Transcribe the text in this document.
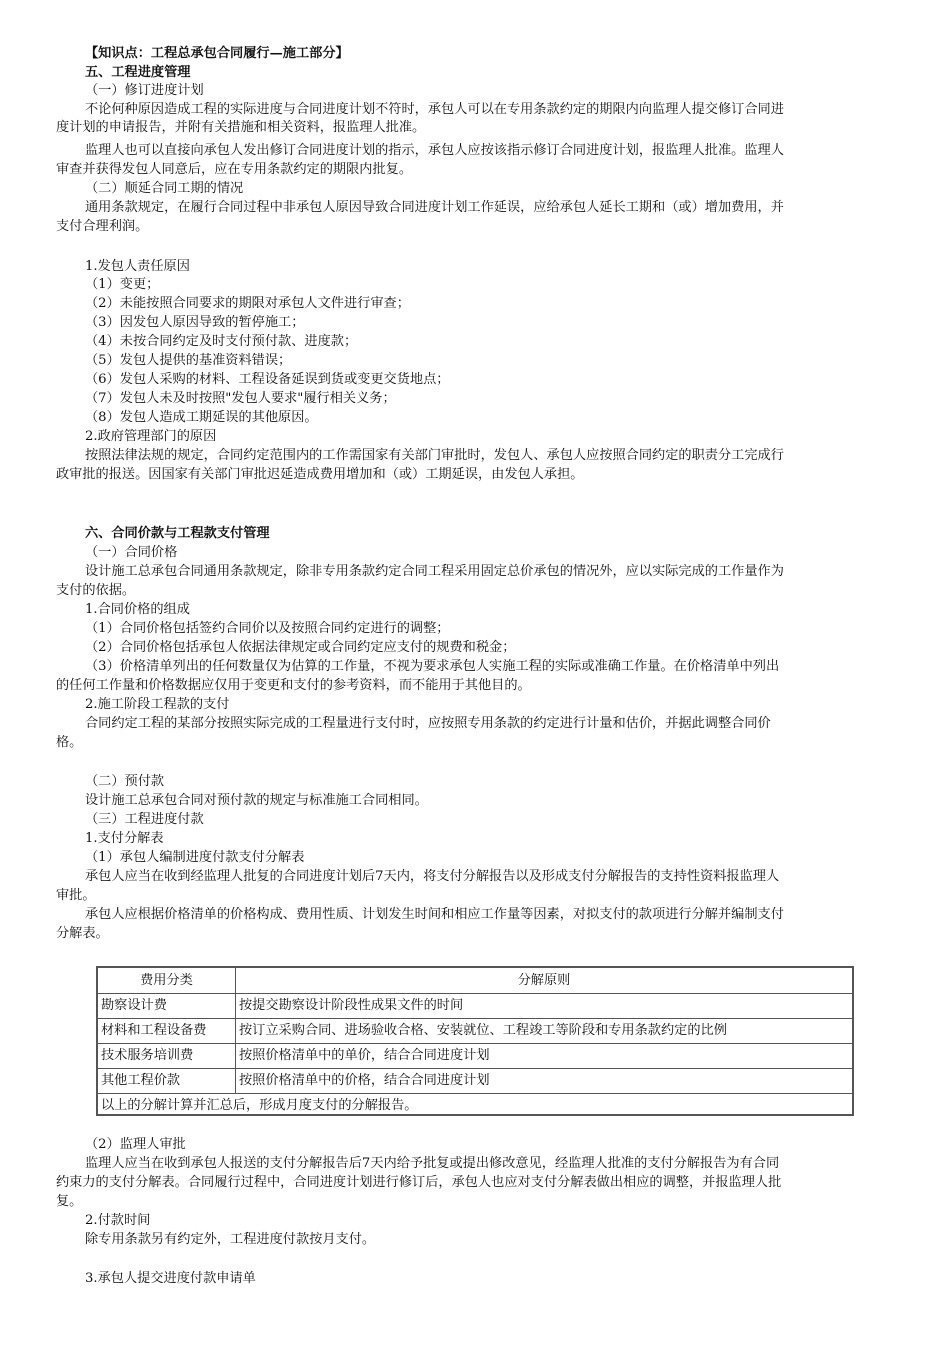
【知识点：工程总承包合同履行—施工部分】
五、工程进度管理
（一）修订进度计划
不论何种原因造成工程的实际进度与合同进度计划不符时，承包人可以在专用条款约定的期限内向监理人提交修订合同进
度计划的申请报告，并附有关措施和相关资料，报监理人批准。
监理人也可以直接向承包人发出修订合同进度计划的指示，承包人应按该指示修订合同进度计划，报监理人批准。监理人
审查并获得发包人同意后，应在专用条款约定的期限内批复。
（二）顺延合同工期的情况
通用条款规定，在履行合同过程中非承包人原因导致合同进度计划工作延误，应给承包人延长工期和（或）增加费用，并
支付合理利润。
1.发包人责任原因
（1）变更；
（2）未能按照合同要求的期限对承包人文件进行审查；
（3）因发包人原因导致的暂停施工；
（4）未按合同约定及时支付预付款、进度款；
（5）发包人提供的基准资料错误；
（6）发包人采购的材料、工程设备延误到货或变更交货地点；
（7）发包人未及时按照"发包人要求"履行相关义务；
（8）发包人造成工期延误的其他原因。
2.政府管理部门的原因
按照法律法规的规定，合同约定范围内的工作需国家有关部门审批时，发包人、承包人应按照合同约定的职责分工完成行
政审批的报送。因国家有关部门审批迟延造成费用增加和（或）工期延误，由发包人承担。
六、合同价款与工程款支付管理
（一）合同价格
设计施工总承包合同通用条款规定，除非专用条款约定合同工程采用固定总价承包的情况外，应以实际完成的工作量作为
支付的依据。
1.合同价格的组成
（1）合同价格包括签约合同价以及按照合同约定进行的调整；
（2）合同价格包括承包人依据法律规定或合同约定应支付的规费和税金；
（3）价格清单列出的任何数量仅为估算的工作量，不视为要求承包人实施工程的实际或准确工作量。在价格清单中列出
的任何工作量和价格数据应仅用于变更和支付的参考资料，而不能用于其他目的。
2.施工阶段工程款的支付
合同约定工程的某部分按照实际完成的工程量进行支付时，应按照专用条款的约定进行计量和估价，并据此调整合同价
格。
（二）预付款
设计施工总承包合同对预付款的规定与标准施工合同相同。
（三）工程进度付款
1.支付分解表
（1）承包人编制进度付款支付分解表
承包人应当在收到经监理人批复的合同进度计划后7天内，将支付分解报告以及形成支付分解报告的支持性资料报监理人
审批。
承包人应根据价格清单的价格构成、费用性质、计划发生时间和相应工作量等因素，对拟支付的款项进行分解并编制支付
分解表。
费用分类	分解原则
勘察设计费	按提交勘察设计阶段性成果文件的时间
材料和工程设备费	按订立采购合同、进场验收合格、安装就位、工程竣工等阶段和专用条款约定的比例
技术服务培训费	按照价格清单中的单价，结合合同进度计划
其他工程价款	按照价格清单中的价格，结合合同进度计划
以上的分解计算并汇总后，形成月度支付的分解报告。
（2）监理人审批
监理人应当在收到承包人报送的支付分解报告后7天内给予批复或提出修改意见，经监理人批准的支付分解报告为有合同
约束力的支付分解表。合同履行过程中，合同进度计划进行修订后，承包人也应对支付分解表做出相应的调整，并报监理人批
复。
2.付款时间
除专用条款另有约定外，工程进度付款按月支付。
3.承包人提交进度付款申请单
